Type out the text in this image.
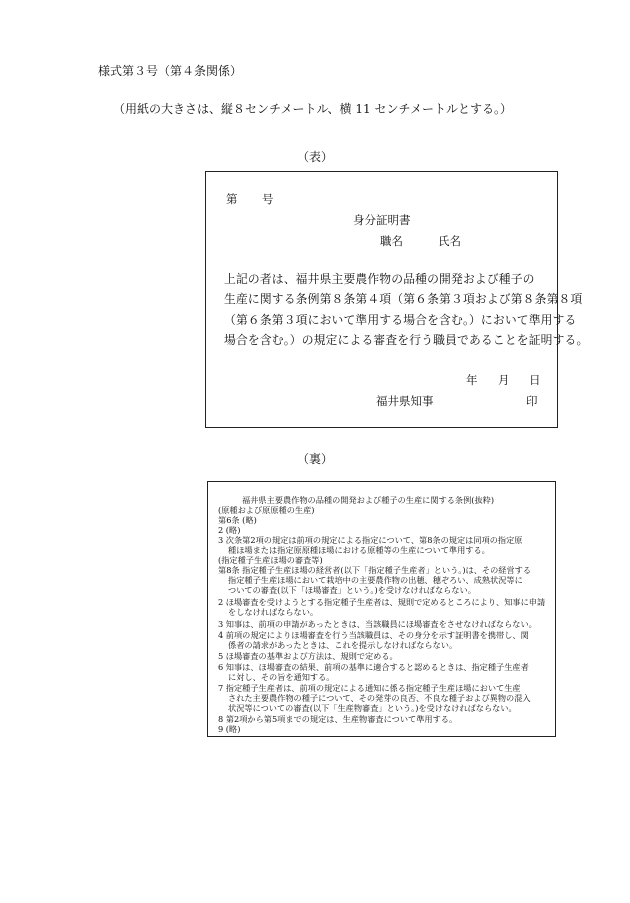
様式第３号（第４条関係）
（用紙の大きさは、縦８センチメートル、横 11 センチメートルとする。）
（表）
第 号
身分証明書
職名	氏名
上記の者は、福井県主要農作物の品種の開発および種子の
生産に関する条例第８条第４項（第６条第３項および第８条第８項
（第６条第３項において準用する場合を含む。）において準用する
場合を含む。）の規定による審査を行う職員であることを証明する。
年 月 日
福井県知事	印
（裏）
福井県主要農作物の品種の開発および種子の生産に関する条例(抜粋)
(原種および原原種の生産)
第6条 (略)
2 (略)
3 次条第2項の規定は前項の規定による指定について、第8条の規定は同項の指定原
種ほ場または指定原原種ほ場における原種等の生産について準用する。
(指定種子生産ほ場の審査等)
第8条 指定種子生産ほ場の経営者(以下「指定種子生産者」という。)は、その経営する
指定種子生産ほ場において栽培中の主要農作物の出穂、穂ぞろい、成熟状況等に
ついての審査(以下「ほ場審査」という。)を受けなければならない。
2 ほ場審査を受けようとする指定種子生産者は、規則で定めるところにより、知事に申請
をしなければならない。
3 知事は、前項の申請があったときは、当該職員にほ場審査をさせなければならない。
4 前項の規定によりほ場審査を行う当該職員は、その身分を示す証明書を携帯し、関
係者の請求があったときは、これを提示しなければならない。
5 ほ場審査の基準および方法は、規則で定める。
6 知事は、ほ場審査の結果、前項の基準に適合すると認めるときは、指定種子生産者
に対し、その旨を通知する。
7 指定種子生産者は、前項の規定による通知に係る指定種子生産ほ場において生産
された主要農作物の種子について、その発芽の良否、不良な種子および異物の混入
状況等についての審査(以下「生産物審査」という。)を受けなければならない。
8 第2項から第5項までの規定は、生産物審査について準用する。
9 (略)
